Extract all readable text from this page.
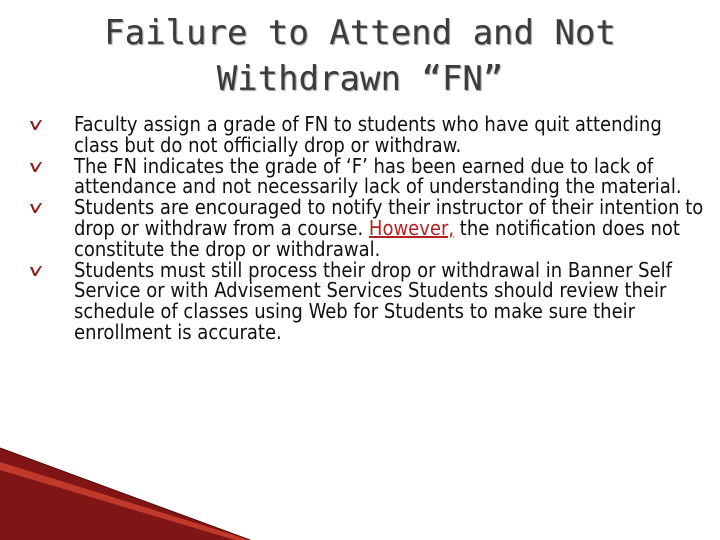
Failure to Attend and Not
Withdrawn “FN”
Faculty assign a grade of FN to students who have quit attending class but do not officially drop or withdraw.
The FN indicates the grade of ‘F’ has been earned due to lack of attendance and not necessarily lack of understanding the material.
Students are encouraged to notify their instructor of their intention to drop or withdraw from a course. However, the notification does not constitute the drop or withdrawal.
Students must still process their drop or withdrawal in Banner Self Service or with Advisement Services Students should review their schedule of classes using Web for Students to make sure their enrollment is accurate.
